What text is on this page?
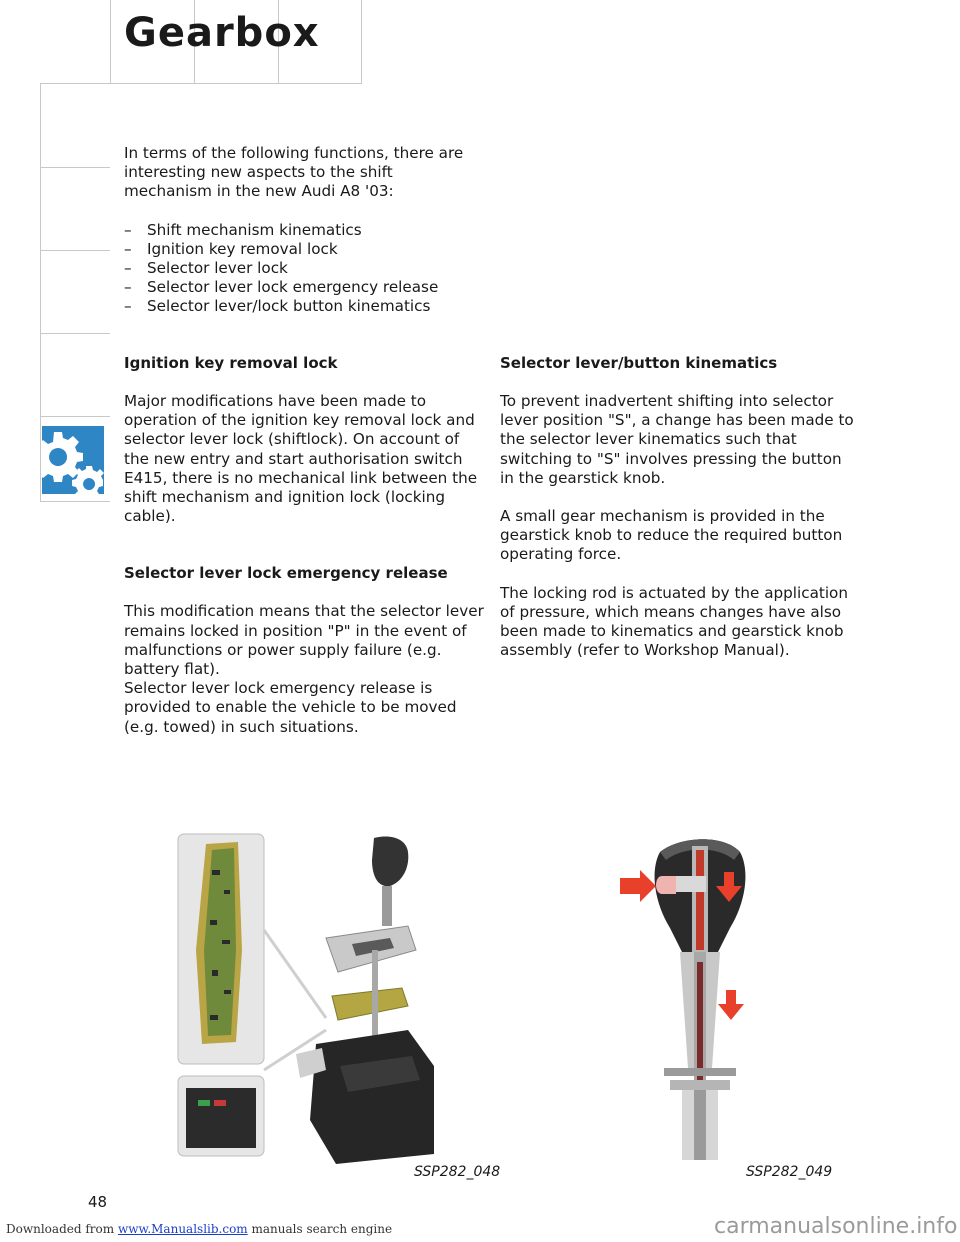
Gearbox

In terms of the following functions, there are interesting new aspects to the shift mechanism in the new Audi A8 '03:

– Shift mechanism kinematics
– Ignition key removal lock
– Selector lever lock
– Selector lever lock emergency release
– Selector lever/lock button kinematics
Ignition key removal lock

Major modifications have been made to operation of the ignition key removal lock and selector lever lock (shiftlock). On account of the new entry and start authorisation switch E415, there is no mechanical link between the shift mechanism and ignition lock (locking cable).

Selector lever lock emergency release

This modification means that the selector lever remains locked in position "P" in the event of malfunctions or power supply failure (e.g. battery flat).

Selector lever lock emergency release is provided to enable the vehicle to be moved (e.g. towed) in such situations.

Selector lever/button kinematics

To prevent inadvertent shifting into selector lever position "S", a change has been made to the selector lever kinematics such that switching to "S" involves pressing the button in the gearstick knob.

A small gear mechanism is provided in the gearstick knob to reduce the required button operating force.

The locking rod is actuated by the application of pressure, which means changes have also been made to kinematics and gearstick knob assembly (refer to Workshop Manual).

SSP282_048	SSP282_049
48
Downloaded from www.Manualslib.com manuals search engine	carmanualsonline.info
